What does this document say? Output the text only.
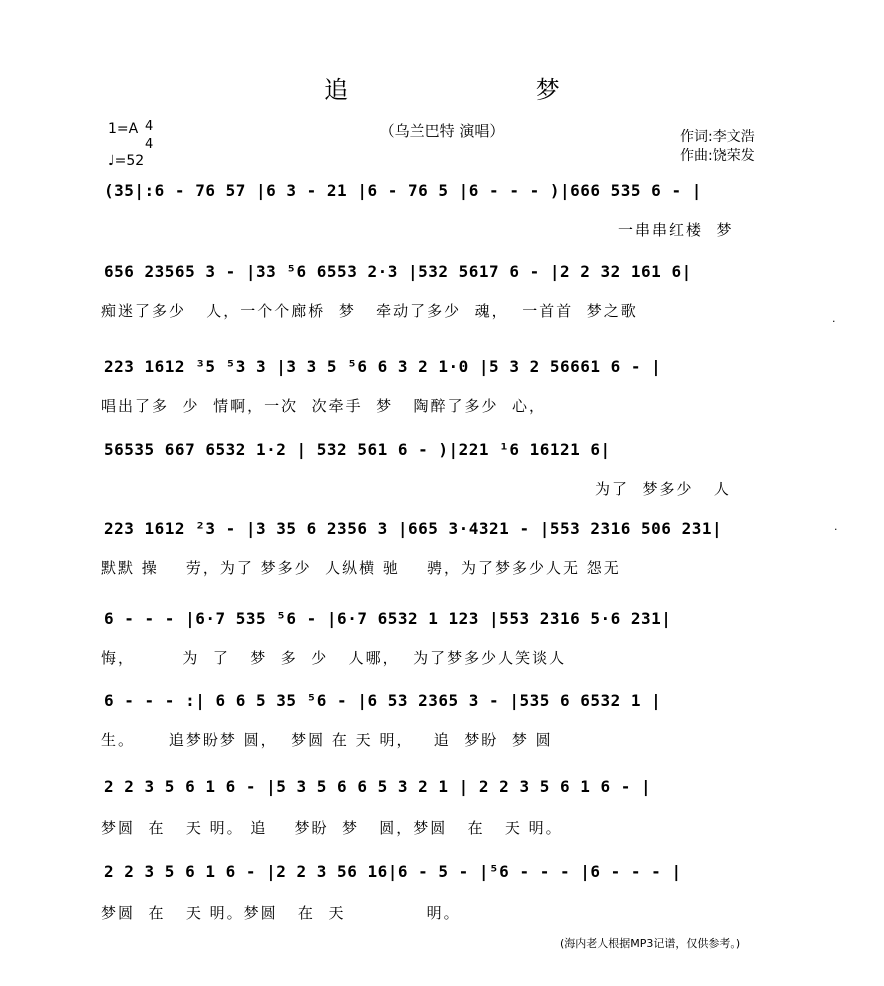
追 梦
（乌兰巴特 演唱）
1=A 4
4
♩=52
作词:李文浩
作曲:饶荣发
.
.
(35|:6 - 76 57 |6 3 - 21 |6 - 76 5 |6 - - - )|666 535 6 - |
一串串红楼  梦
656 23565 3 - |33 ⁵6 6553 2·3 |532 5617 6 - |2 2 32 161 6|
痴迷了多少   人，一个个廊桥  梦   牵动了多少  魂，  一首首  梦之歌
223 1612 ³5 ⁵3 3 |3 3 5 ⁵6 6 3 2 1·0 |5 3 2 56661 6 - |
唱出了多  少  情啊，一次  次牵手  梦   陶醉了多少  心，
56535 667 6532 1·2 | 532 561 6 - )|221 ¹6 16121 6|
为了  梦多少   人
223 1612 ²3 - |3 35 6 2356 3 |665 3·4321 - |553 2316 506 231|
默默 操    劳，为了 梦多少  人纵横 驰    骋，为了梦多少人无 怨无
6 - - - |6·7 535 ⁵6 - |6·7 6532 1 123 |553 2316 5·6 231|
悔，       为  了   梦  多  少   人哪，  为了梦多少人笑谈人
6 - - - :| 6 6 5 35 ⁵6 - |6 53 2365 3 - |535 6 6532 1 |
生。     追梦盼梦 圆，  梦圆 在 天 明，   追  梦盼  梦 圆
2 2 3 5 6 1 6 - |5 3 5 6 6 5 3 2 1 | 2 2 3 5 6 1 6 - |
梦圆  在   天 明。 追    梦盼  梦   圆，梦圆   在   天 明。
2 2 3 5 6 1 6 - |2 2 3 56 16|6 - 5 - |⁵6 - - - |6 - - - |
梦圆  在   天 明。梦圆   在  天            明。
(海内老人根据MP3记谱，仅供参考。)
